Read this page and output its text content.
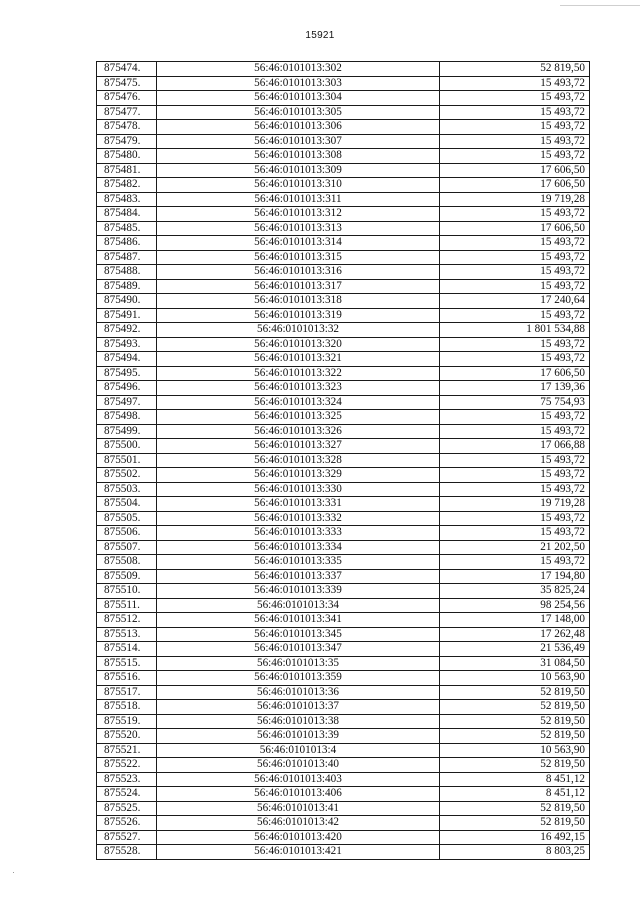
15921
875474.	56:46:0101013:302	52 819,50
875475.	56:46:0101013:303	15 493,72
875476.	56:46:0101013:304	15 493,72
875477.	56:46:0101013:305	15 493,72
875478.	56:46:0101013:306	15 493,72
875479.	56:46:0101013:307	15 493,72
875480.	56:46:0101013:308	15 493,72
875481.	56:46:0101013:309	17 606,50
875482.	56:46:0101013:310	17 606,50
875483.	56:46:0101013:311	19 719,28
875484.	56:46:0101013:312	15 493,72
875485.	56:46:0101013:313	17 606,50
875486.	56:46:0101013:314	15 493,72
875487.	56:46:0101013:315	15 493,72
875488.	56:46:0101013:316	15 493,72
875489.	56:46:0101013:317	15 493,72
875490.	56:46:0101013:318	17 240,64
875491.	56:46:0101013:319	15 493,72
875492.	56:46:0101013:32	1 801 534,88
875493.	56:46:0101013:320	15 493,72
875494.	56:46:0101013:321	15 493,72
875495.	56:46:0101013:322	17 606,50
875496.	56:46:0101013:323	17 139,36
875497.	56:46:0101013:324	75 754,93
875498.	56:46:0101013:325	15 493,72
875499.	56:46:0101013:326	15 493,72
875500.	56:46:0101013:327	17 066,88
875501.	56:46:0101013:328	15 493,72
875502.	56:46:0101013:329	15 493,72
875503.	56:46:0101013:330	15 493,72
875504.	56:46:0101013:331	19 719,28
875505.	56:46:0101013:332	15 493,72
875506.	56:46:0101013:333	15 493,72
875507.	56:46:0101013:334	21 202,50
875508.	56:46:0101013:335	15 493,72
875509.	56:46:0101013:337	17 194,80
875510.	56:46:0101013:339	35 825,24
875511.	56:46:0101013:34	98 254,56
875512.	56:46:0101013:341	17 148,00
875513.	56:46:0101013:345	17 262,48
875514.	56:46:0101013:347	21 536,49
875515.	56:46:0101013:35	31 084,50
875516.	56:46:0101013:359	10 563,90
875517.	56:46:0101013:36	52 819,50
875518.	56:46:0101013:37	52 819,50
875519.	56:46:0101013:38	52 819,50
875520.	56:46:0101013:39	52 819,50
875521.	56:46:0101013:4	10 563,90
875522.	56:46:0101013:40	52 819,50
875523.	56:46:0101013:403	8 451,12
875524.	56:46:0101013:406	8 451,12
875525.	56:46:0101013:41	52 819,50
875526.	56:46:0101013:42	52 819,50
875527.	56:46:0101013:420	16 492,15
875528.	56:46:0101013:421	8 803,25
